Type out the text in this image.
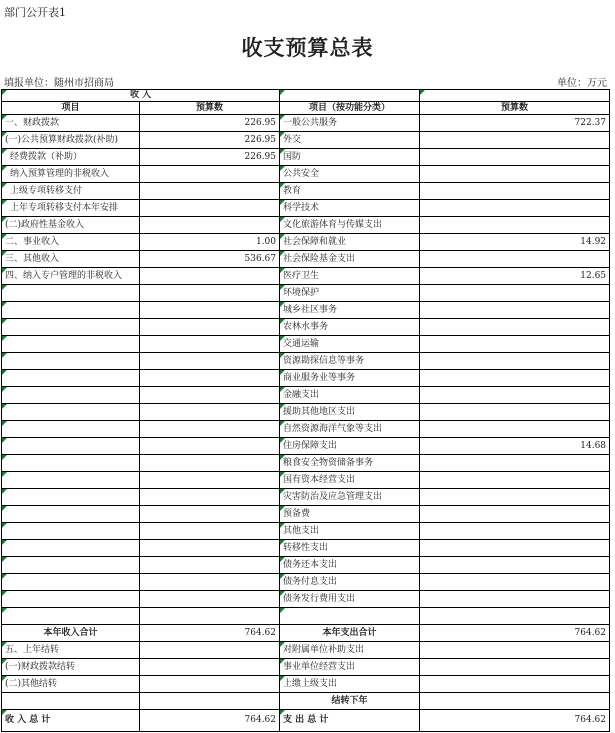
部门公开表1
收支预算总表
填报单位：随州市招商局	单位：万元
收 入			
项目	预算数	项目（按功能分类）	预算数
一、财政拨款	226.95	一般公共服务	722.37
(一)公共预算财政拨款(补助)	226.95	外交	
经费拨款（补助）	226.95	国防	
纳入预算管理的非税收入		公共安全	
上级专项转移支付		教育	
上年专项转移支付本年安排		科学技术	
(二)政府性基金收入		文化旅游体育与传媒支出	
二、事业收入	1.00	社会保障和就业	14.92
三、其他收入	536.67	社会保险基金支出	
四、纳入专户管理的非税收入		医疗卫生	12.65
		环境保护	
		城乡社区事务	
		农林水事务	
		交通运输	
		资源勘探信息等事务	
		商业服务业等事务	
		金融支出	
		援助其他地区支出	
		自然资源海洋气象等支出	
		住房保障支出	14.68
		粮食安全物资储备事务	
		国有资本经营支出	
		灾害防治及应急管理支出	
		预备费	
		其他支出	
		转移性支出	
		债务还本支出	
		债务付息支出	
		债务发行费用支出	

本年收入合计	764.62	本年支出合计	764.62
五、上年结转		对附属单位补助支出	
(一)财政拨款结转		事业单位经营支出	
(二)其他结转		上缴上级支出	
		结转下年	
收 入 总 计	764.62	支 出 总 计	764.62
